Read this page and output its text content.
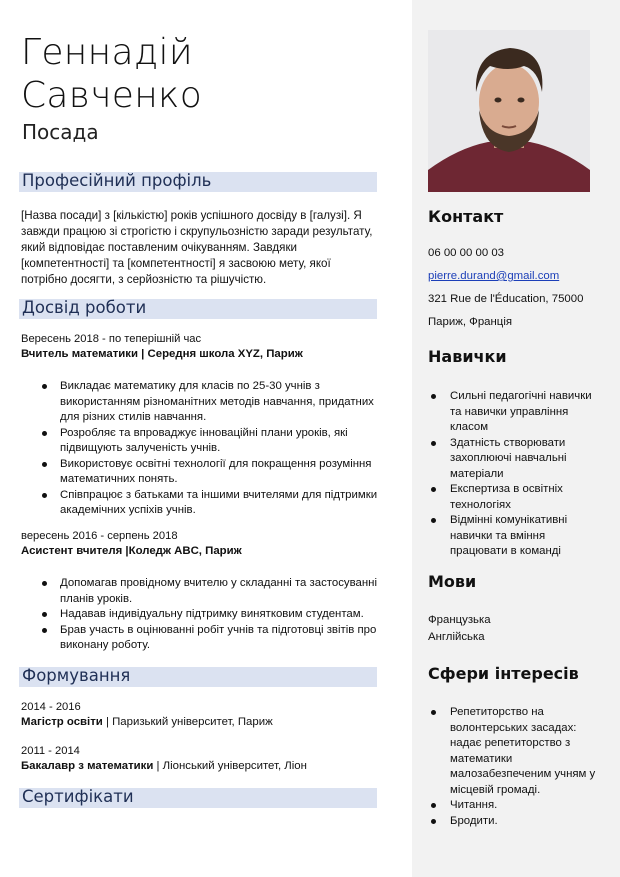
Геннадій
Савченко
Посада
Професійний профіль
[Назва посади] з [кількістю] років успішного досвіду в [галузі]. Я завжди працюю зі строгістю і скрупульозністю заради результату, який відповідає поставленим очікуванням. Завдяки [компетентності] та [компетентності] я засвоюю мету, якої потрібно досягти, з серйозністю та рішучістю.
Досвід роботи
Вересень 2018 - по теперішній час
Вчитель математики | Середня школа XYZ, Париж
Викладає математику для класів по 25-30 учнів з використанням різноманітних методів навчання, придатних для різних стилів навчання.
Розробляє та впроваджує інноваційні плани уроків, які підвищують залученість учнів.
Використовує освітні технології для покращення розуміння математичних понять.
Співпрацює з батьками та іншими вчителями для підтримки академічних успіхів учнів.
вересень 2016 - серпень 2018
Асистент вчителя |Коледж ABC, Париж
Допомагав провідному вчителю у складанні та застосуванні планів уроків.
Надавав індивідуальну підтримку винятковим студентам.
Брав участь в оцінюванні робіт учнів та підготовці звітів про виконану роботу.
Формування
2014 - 2016
Магістр освіти | Паризький університет, Париж
2011 - 2014
Бакалавр з математики | Ліонський університет, Ліон
Сертифікати
Контакт
06 00 00 00 03
pierre.durand@gmail.com
321 Rue de l'Éducation, 75000
Париж, Франція
Навички
Сильні педагогічні навички та навички управління класом
Здатність створювати захоплюючі навчальні матеріали
Експертиза в освітніх технологіях
Відмінні комунікативні навички та вміння працювати в команді
Мови
Французька
Англійська
Сфери інтересів
Репетиторство на волонтерських засадах: надає репетиторство з математики малозабезпеченим учням у місцевій громаді.
Читання.
Бродити.
